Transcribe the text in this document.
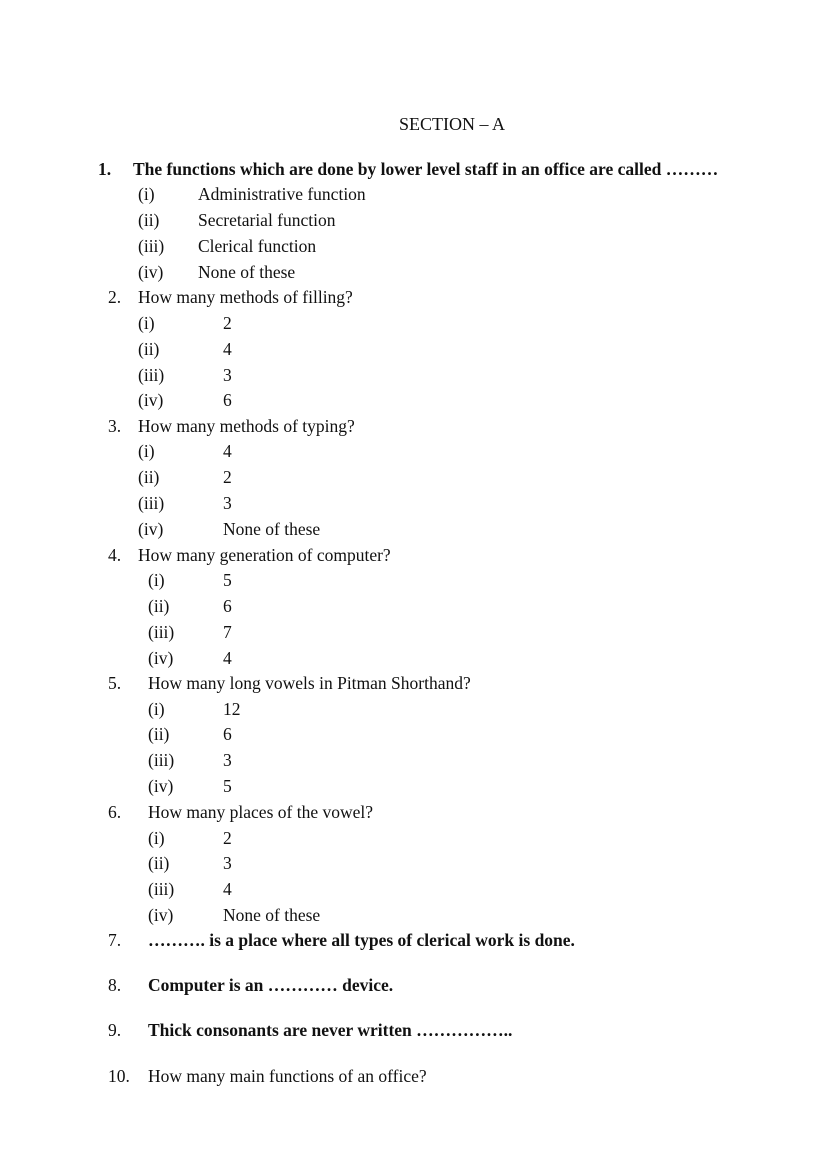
SECTION – A
1. The functions which are done by lower level staff in an office are called ………
(i) Administrative function
(ii) Secretarial function
(iii) Clerical function
(iv) None of these
2. How many methods of filling?
(i)	2
(ii)	4
(iii)	3
(iv)	6
3. How many methods of typing?
(i)	4
(ii)	2
(iii)	3
(iv)	None of these
4. How many generation of computer?
(i)	5
(ii)	6
(iii)	7
(iv)	4
5. How many long vowels in Pitman Shorthand?
(i)	12
(ii)	6
(iii)	3
(iv)	5
6. How many places of the vowel?
(i)	2
(ii)	3
(iii)	4
(iv)	None of these
7. ………. is a place where all types of clerical work is done.
8. Computer is an ………… device.
9. Thick consonants are never written ……………..
10. How many main functions of an office?
